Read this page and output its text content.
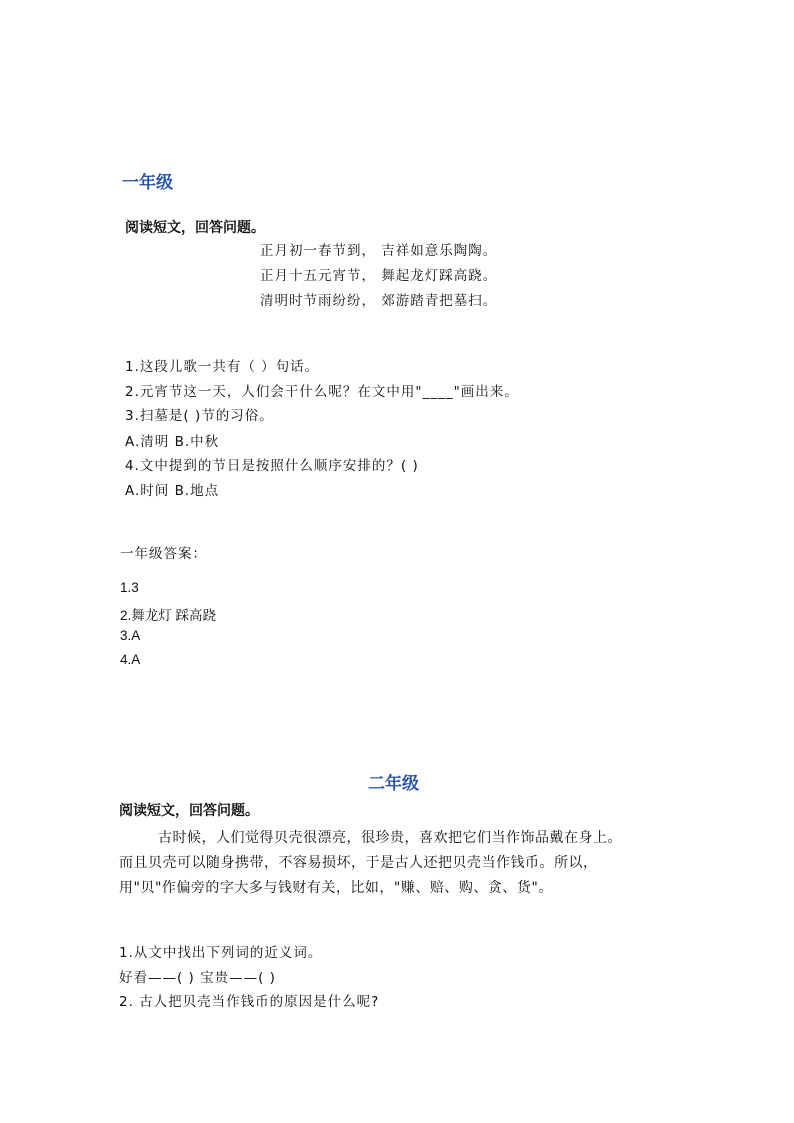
一年级
阅读短文，回答问题。
正月初一春节到， 吉祥如意乐陶陶。
正月十五元宵节， 舞起龙灯踩高跷。
清明时节雨纷纷， 郊游踏青把墓扫。
1.这段儿歌一共有（ ）句话。
2.元宵节这一天，人们会干什么呢？在文中用"____"画出来。
3.扫墓是( )节的习俗。
A.清明 B.中秋
4.文中提到的节日是按照什么顺序安排的？( )
A.时间 B.地点
一年级答案：
1.3
2.舞龙灯 踩高跷
3.A
4.A
二年级
阅读短文，回答问题。
古时候，人们觉得贝壳很漂亮，很珍贵，喜欢把它们当作饰品戴在身上。
而且贝壳可以随身携带，不容易损坏，于是古人还把贝壳当作钱币。所以，
用"贝"作偏旁的字大多与钱财有关，比如，"赚、赔、购、贪、货"。
1.从文中找出下列词的近义词。
好看——( ) 宝贵——( )
2. 古人把贝壳当作钱币的原因是什么呢?
